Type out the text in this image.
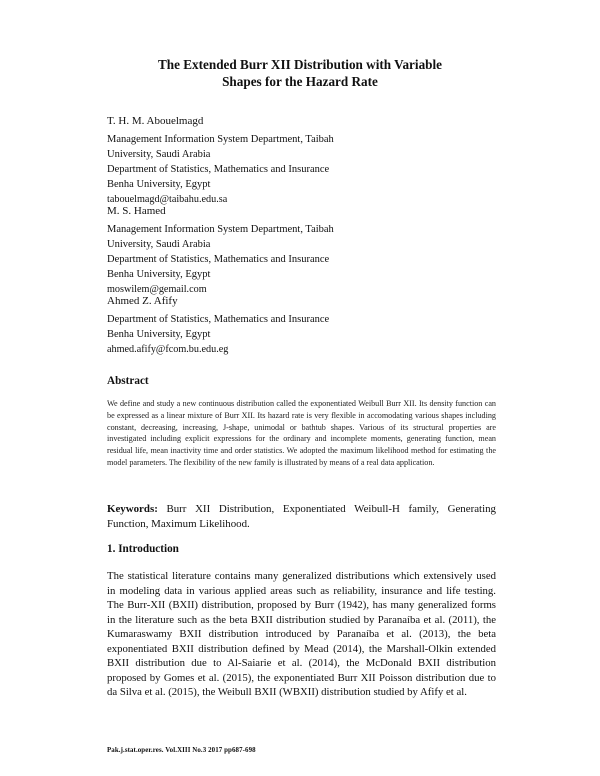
The Extended Burr XII Distribution with Variable
Shapes for the Hazard Rate
T. H. M. Abouelmagd
Management Information System Department, Taibah
University, Saudi Arabia
Department of Statistics, Mathematics and Insurance
Benha University, Egypt
tabouelmagd@taibahu.edu.sa
M. S. Hamed
Management Information System Department, Taibah
University, Saudi Arabia
Department of Statistics, Mathematics and Insurance
Benha University, Egypt
moswilem@gemail.com
Ahmed Z. Afify
Department of Statistics, Mathematics and Insurance
Benha University, Egypt
ahmed.afify@fcom.bu.edu.eg
Abstract
We define and study a new continuous distribution called the exponentiated Weibull Burr XII. Its density function can be expressed as a linear mixture of Burr XII. Its hazard rate is very flexible in accomodating various shapes including constant, decreasing, increasing, J-shape, unimodal or bathtub shapes. Various of its structural properties are investigated including explicit expressions for the ordinary and incomplete moments, generating function, mean residual life, mean inactivity time and order statistics. We adopted the maximum likelihood method for estimating the model parameters. The flexibility of the new family is illustrated by means of a real data application.
Keywords: Burr XII Distribution, Exponentiated Weibull-H family, Generating Function, Maximum Likelihood.
1. Introduction
The statistical literature contains many generalized distributions which extensively used in modeling data in various applied areas such as reliability, insurance and life testing. The Burr-XII (BXII) distribution, proposed by Burr (1942), has many generalized forms in the literature such as the beta BXII distribution studied by Paranaíba et al. (2011), the Kumaraswamy BXII distribution introduced by Paranaíba et al. (2013), the beta exponentiated BXII distribution defined by Mead (2014), the Marshall-Olkin extended BXII distribution due to Al-Saiarie et al. (2014), the McDonald BXII distribution proposed by Gomes et al. (2015), the exponentiated Burr XII Poisson distribution due to da Silva et al. (2015), the Weibull BXII (WBXII) distribution studied by Afify et al.
Pak.j.stat.oper.res. Vol.XIII No.3 2017 pp687-698
